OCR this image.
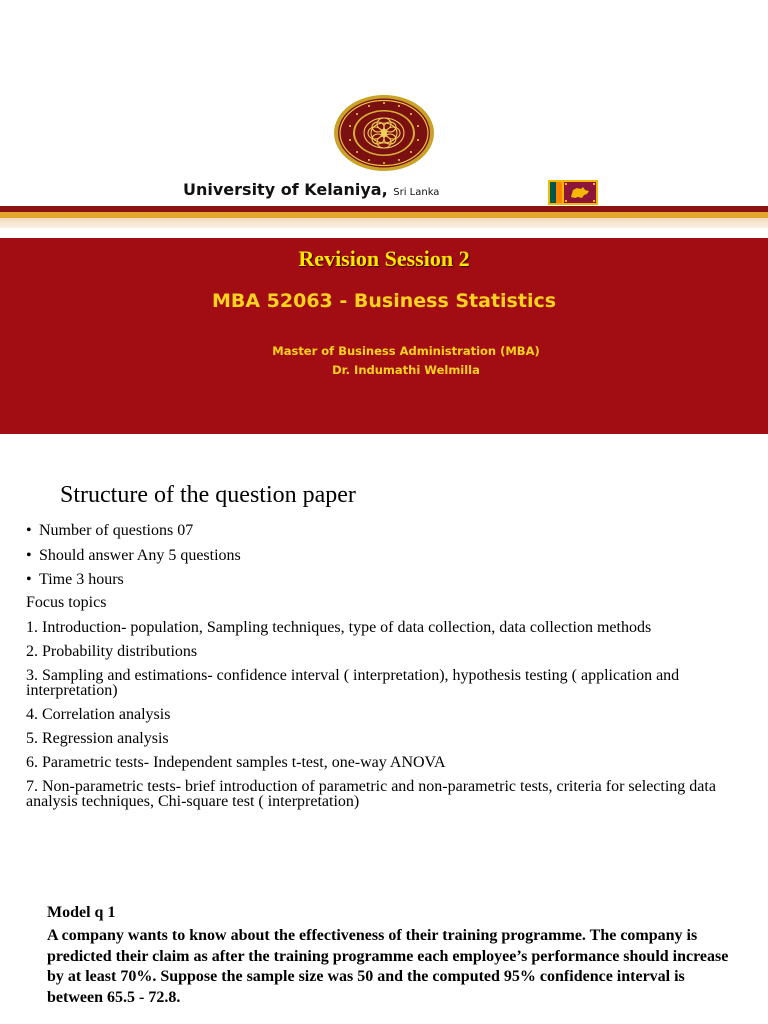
University of Kelaniya, Sri Lanka
Revision Session 2
MBA 52063 - Business Statistics
Master of Business Administration (MBA)
Dr. Indumathi Welmilla
Structure of the question paper
• Number of questions 07
• Should answer Any 5 questions
• Time 3 hours
Focus topics
1. Introduction- population, Sampling techniques, type of data collection, data collection methods
2. Probability distributions
3. Sampling and estimations- confidence interval ( interpretation), hypothesis testing ( application and interpretation)
4. Correlation analysis
5. Regression analysis
6. Parametric tests- Independent samples t-test, one-way ANOVA
7. Non-parametric tests- brief introduction of parametric and non-parametric tests, criteria for selecting data analysis techniques, Chi-square test ( interpretation)
Model q 1

A company wants to know about the effectiveness of their training programme. The company is predicted their claim as after the training programme each employee’s performance should increase by at least 70%. Suppose the sample size was 50 and the computed 95% confidence interval is between 65.5 - 72.8.
